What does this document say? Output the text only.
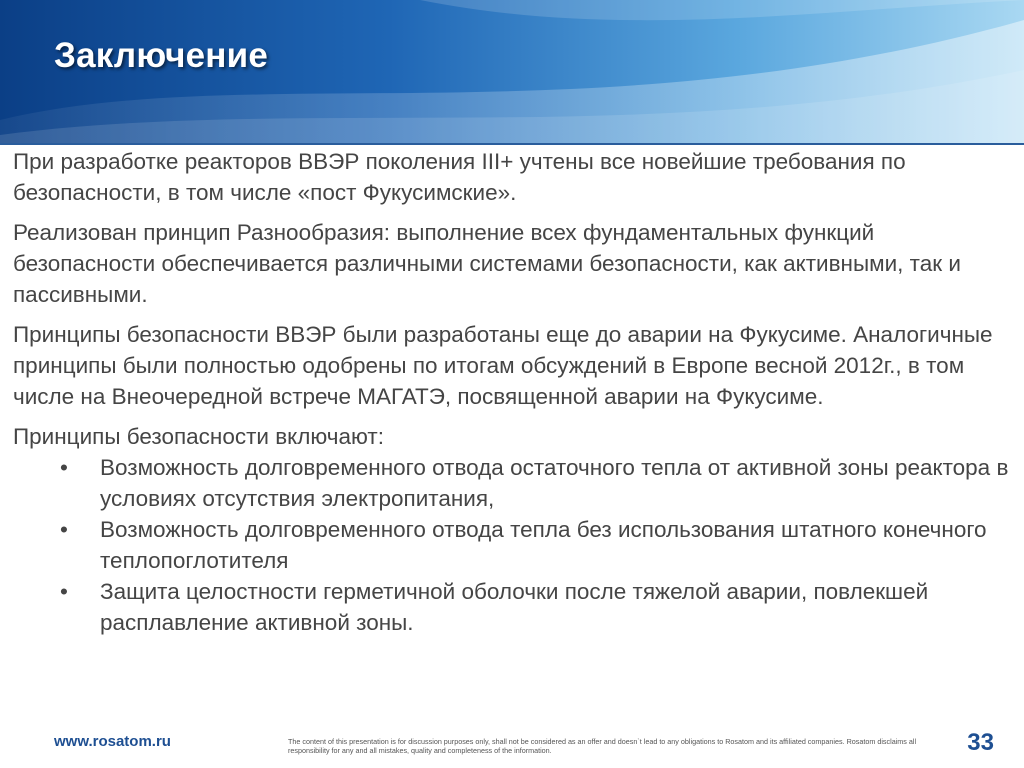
Заключение

При разработке реакторов ВВЭР поколения III+ учтены все новейшие требования по безопасности, в том числе «пост Фукусимские».

Реализован принцип Разнообразия: выполнение всех фундаментальных функций безопасности обеспечивается различными системами безопасности, как активными, так и пассивными.

Принципы безопасности ВВЭР были разработаны еще до аварии на Фукусиме. Аналогичные принципы были полностью одобрены по итогам обсуждений в Европе весной 2012г., в том числе на Внеочередной встрече МАГАТЭ, посвященной аварии на Фукусиме.

Принципы безопасности включают:

• Возможность долговременного отвода остаточного тепла от активной зоны реактора в условиях отсутствия электропитания,
• Возможность долговременного отвода тепла без использования штатного конечного теплопоглотителя
• Защита целостности герметичной оболочки после тяжелой аварии, повлекшей расплавление активной зоны.
www.rosatom.ru	The content of this presentation is for discussion purposes only, shall not be considered as an offer and doesn`t lead to any obligations to Rosatom and its affiliated companies. Rosatom disclaims all responsibility for any and all mistakes, quality and completeness of the information.	33
